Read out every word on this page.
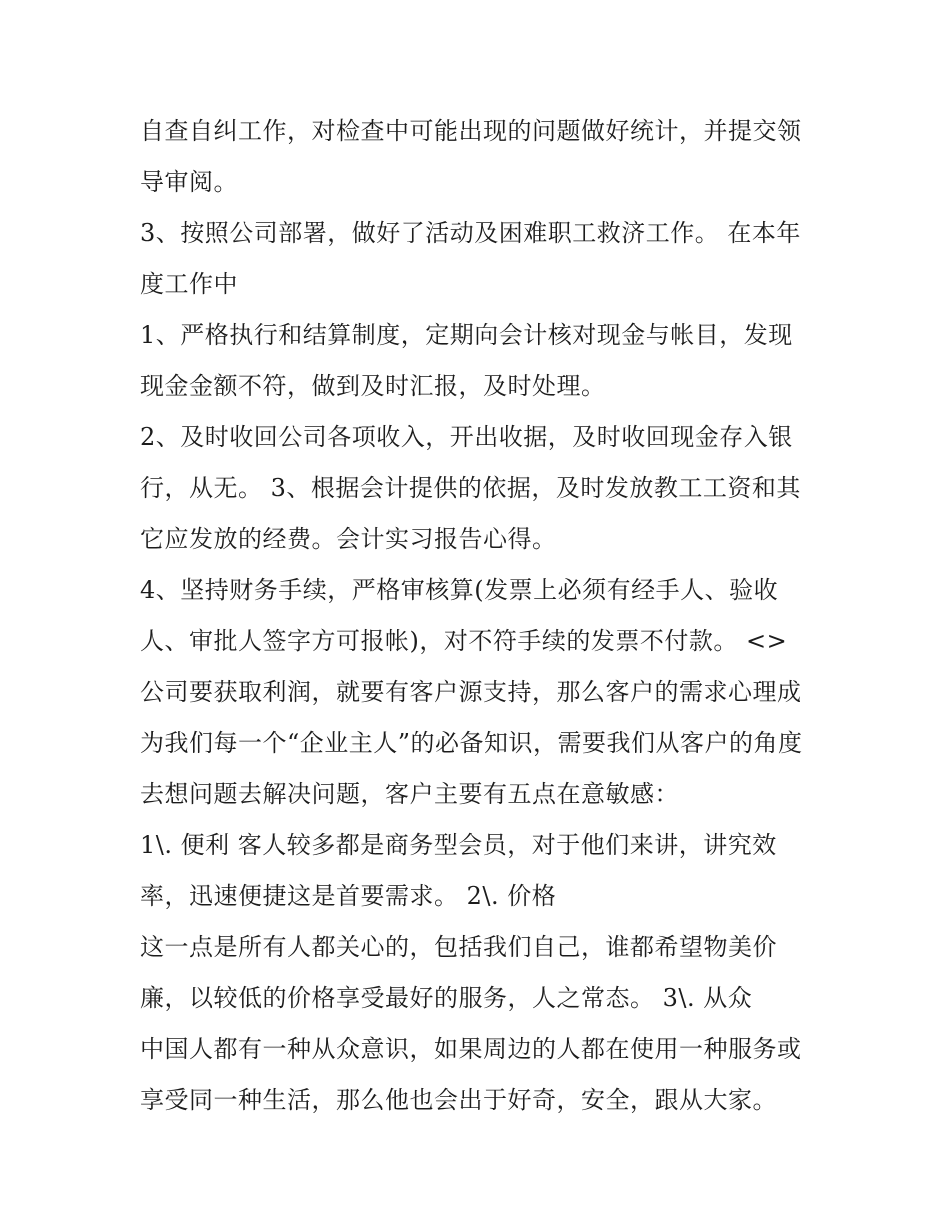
自查自纠工作，对检查中可能出现的问题做好统计，并提交领
导审阅。
3、按照公司部署，做好了活动及困难职工救济工作。 在本年
度工作中
1、严格执行和结算制度，定期向会计核对现金与帐目，发现
现金金额不符，做到及时汇报，及时处理。
2、及时收回公司各项收入，开出收据，及时收回现金存入银
行，从无。 3、根据会计提供的依据，及时发放教工工资和其
它应发放的经费。会计实习报告心得。
4、坚持财务手续，严格审核算(发票上必须有经手人、验收
人、审批人签字方可报帐)，对不符手续的发票不付款。 <>
公司要获取利润，就要有客户源支持，那么客户的需求心理成
为我们每一个“企业主人”的必备知识，需要我们从客户的角度
去想问题去解决问题，客户主要有五点在意敏感：
1\. 便利 客人较多都是商务型会员，对于他们来讲，讲究效
率，迅速便捷这是首要需求。 2\. 价格
这一点是所有人都关心的，包括我们自己，谁都希望物美价
廉，以较低的价格享受最好的服务，人之常态。 3\. 从众
中国人都有一种从众意识，如果周边的人都在使用一种服务或
享受同一种生活，那么他也会出于好奇，安全，跟从大家。
